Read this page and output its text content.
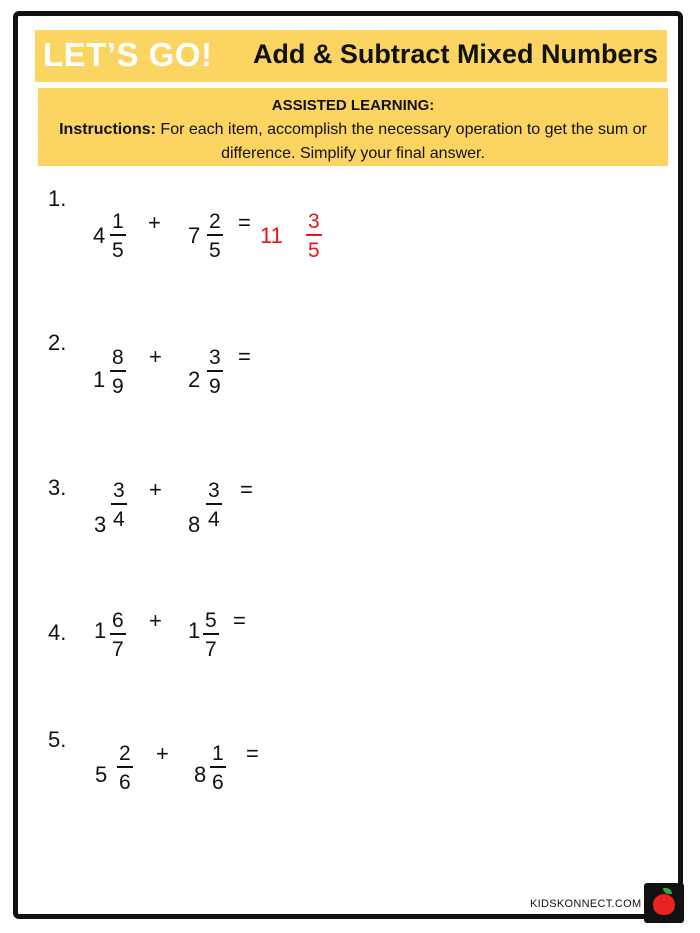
LET’S GO! Add & Subtract Mixed Numbers
ASSISTED LEARNING:
Instructions: For each item, accomplish the necessary operation to get the sum or difference. Simplify your final answer.
1.
$4 \frac{1}{5}$ +
$7 \frac{2}{5}$ =
$11 \frac{3}{5}$
2.
$1 \frac{8}{9}$ +
$2 \frac{3}{9}$ =
3.
$3 \frac{3}{4}$ +
$8 \frac{3}{4}$ =
4. $1 \frac{6}{7} + 1 \frac{5}{7}$ =
5.
$5 \frac{2}{6}$ +
$8 \frac{1}{6}$ =
KIDSKONNECT.COM
